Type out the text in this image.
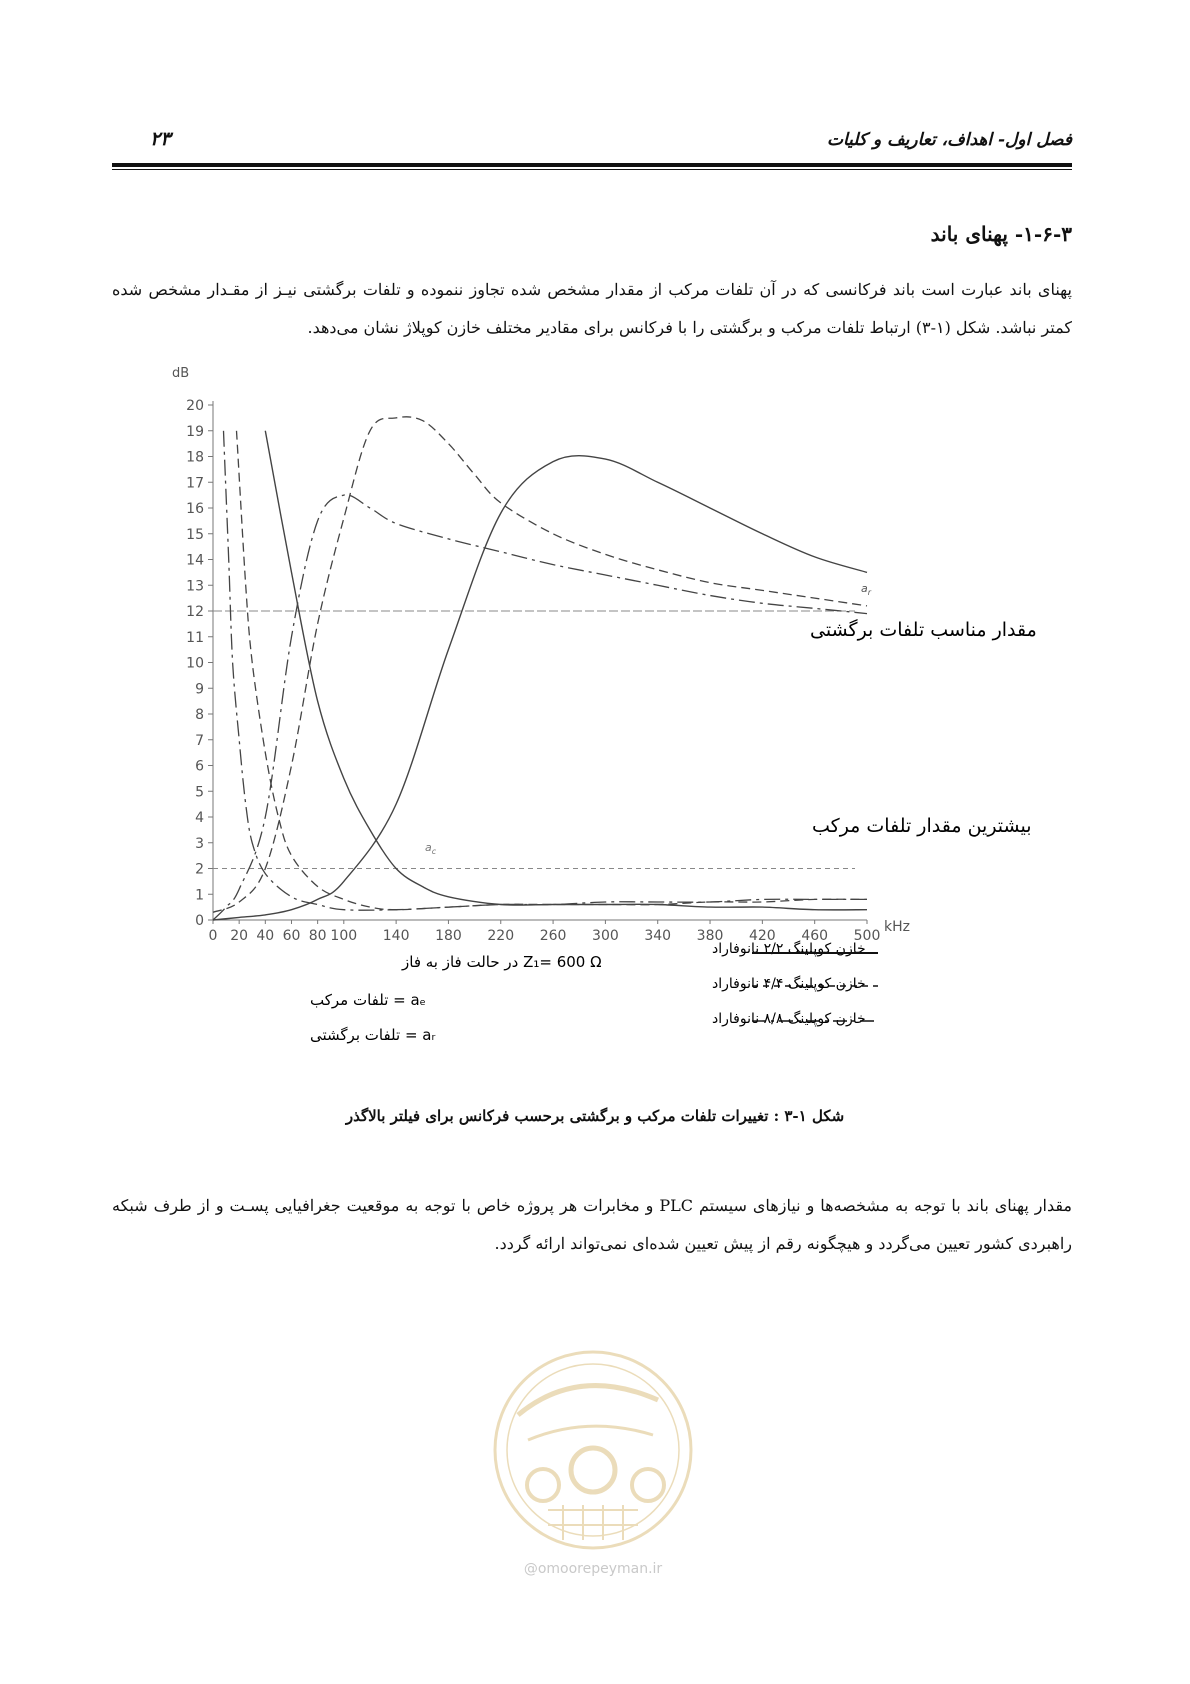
فصل اول- اهداف، تعاریف و کلیات
۲۳
۱-۶-۳- پهنای باند
پهنای باند عبارت است باند فرکانسی که در آن تلفات مرکب از مقدار مشخص شده تجاوز ننموده و تلفات برگشتی نیـز از مقـدار مشخص شده کمتر نباشد. شکل (۱-۳) ارتباط تلفات مرکب و برگشتی را با فرکانس برای مقادیر مختلف خازن کوپلاژ نشان می‌دهد.
0
1
2
3
4
5
6
7
8
9
10
11
12
13
14
15
16
17
18
19
20
0 20 40 60 80 100 140 180 220 260 300 340 380 420 460 500
dB
kHz
$a_r$
$a_c$
مقدار مناسب تلفات برگشتی
بیشترین مقدار تلفات مرکب
Z₁= 600 Ω در حالت فاز به فاز
aₑ = تلفات مرکب
aᵣ = تلفات برگشتی
خازن کوپلینگ ۲/۲ نانوفاراد
خازن کوپلینگ ۴/۴ نانوفاراد
خازن کوپلینگ ۸/۸ نانوفاراد
شکل ۱-۳ : تغییرات تلفات مرکب و برگشتی برحسب فرکانس برای فیلتر بالاگذر
مقدار پهنای باند با توجه به مشخصه‌ها و نیازهای سیستم PLC و مخابرات هر پروژه خاص با توجه به موقعیت جغرافیایی پسـت و از طرف شبکه راهبردی کشور تعیین می‌گردد و هیچگونه رقم از پیش تعیین شده‌ای نمی‌تواند ارائه گردد.
@omoorepeyman.ir
